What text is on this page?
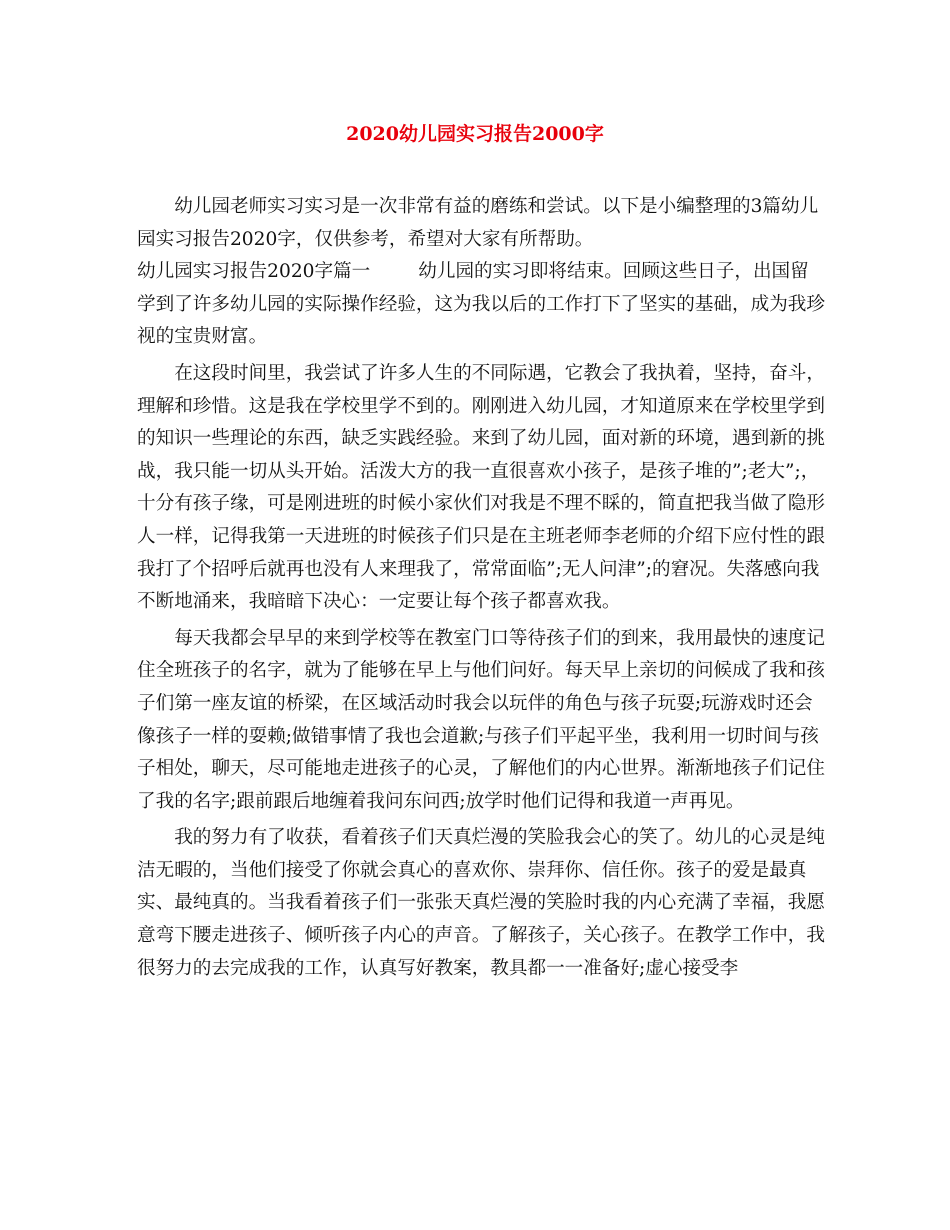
2020幼儿园实习报告2000字

幼儿园老师实习实习是一次非常有益的磨练和尝试。以下是小编整理的3篇幼儿园实习报告2020字，仅供参考，希望对大家有所帮助。

幼儿园实习报告2020字篇一	幼儿园的实习即将结束。回顾这些日子，出国留学到了许多幼儿园的实际操作经验，这为我以后的工作打下了坚实的基础，成为我珍视的宝贵财富。

在这段时间里，我尝试了许多人生的不同际遇，它教会了我执着，坚持，奋斗，理解和珍惜。这是我在学校里学不到的。刚刚进入幼儿园，才知道原来在学校里学到的知识一些理论的东西，缺乏实践经验。来到了幼儿园，面对新的环境，遇到新的挑战，我只能一切从头开始。活泼大方的我一直很喜欢小孩子，是孩子堆的”;老大”;，十分有孩子缘，可是刚进班的时候小家伙们对我是不理不睬的，简直把我当做了隐形人一样，记得我第一天进班的时候孩子们只是在主班老师李老师的介绍下应付性的跟我打了个招呼后就再也没有人来理我了，常常面临”;无人问津”;的窘况。失落感向我不断地涌来，我暗暗下决心：一定要让每个孩子都喜欢我。

每天我都会早早的来到学校等在教室门口等待孩子们的到来，我用最快的速度记住全班孩子的名字，就为了能够在早上与他们问好。每天早上亲切的问候成了我和孩子们第一座友谊的桥梁，在区域活动时我会以玩伴的角色与孩子玩耍;玩游戏时还会像孩子一样的耍赖;做错事情了我也会道歉;与孩子们平起平坐，我利用一切时间与孩子相处，聊天，尽可能地走进孩子的心灵，了解他们的内心世界。渐渐地孩子们记住了我的名字;跟前跟后地缠着我问东问西;放学时他们记得和我道一声再见。

我的努力有了收获，看着孩子们天真烂漫的笑脸我会心的笑了。幼儿的心灵是纯洁无暇的，当他们接受了你就会真心的喜欢你、崇拜你、信任你。孩子的爱是最真实、最纯真的。当我看着孩子们一张张天真烂漫的笑脸时我的内心充满了幸福，我愿意弯下腰走进孩子、倾听孩子内心的声音。了解孩子，关心孩子。在教学工作中，我很努力的去完成我的工作，认真写好教案，教具都一一准备好;虚心接受李
